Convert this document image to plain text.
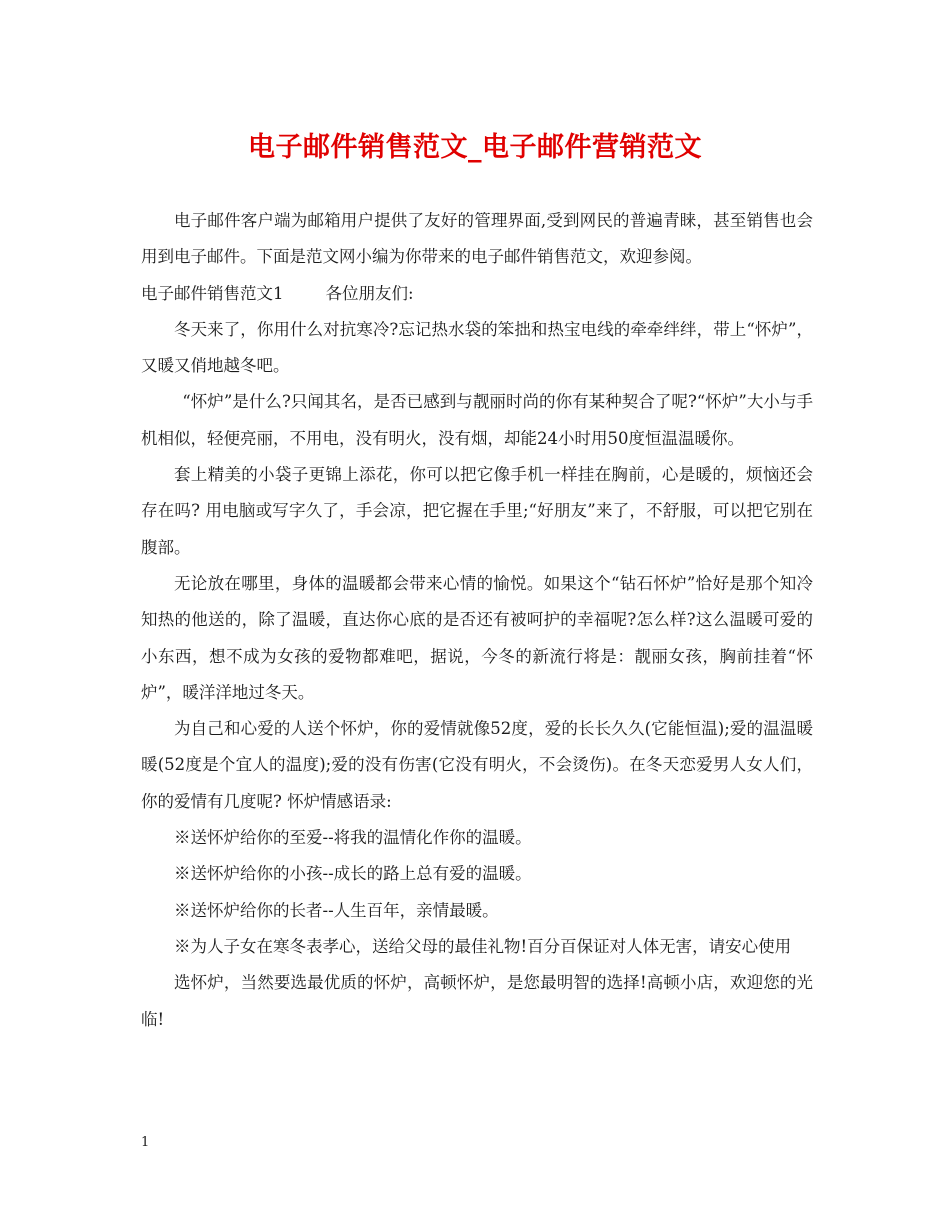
电子邮件销售范文_电子邮件营销范文

电子邮件客户端为邮箱用户提供了友好的管理界面,受到网民的普遍青睐，甚至销售也会用到电子邮件。下面是范文网小编为你带来的电子邮件销售范文，欢迎参阅。

电子邮件销售范文1	各位朋友们:

冬天来了，你用什么对抗寒冷?忘记热水袋的笨拙和热宝电线的牵牵绊绊，带上“怀炉”，又暖又俏地越冬吧。

“怀炉”是什么?只闻其名，是否已感到与靓丽时尚的你有某种契合了呢?“怀炉”大小与手机相似，轻便亮丽，不用电，没有明火，没有烟，却能24小时用50度恒温温暖你。

套上精美的小袋子更锦上添花，你可以把它像手机一样挂在胸前，心是暖的，烦恼还会存在吗? 用电脑或写字久了，手会凉，把它握在手里;“好朋友”来了，不舒服，可以把它别在腹部。

无论放在哪里，身体的温暖都会带来心情的愉悦。如果这个“钻石怀炉”恰好是那个知冷知热的他送的，除了温暖，直达你心底的是否还有被呵护的幸福呢?怎么样?这么温暖可爱的小东西，想不成为女孩的爱物都难吧，据说，今冬的新流行将是：靓丽女孩，胸前挂着“怀炉”，暖洋洋地过冬天。

为自己和心爱的人送个怀炉，你的爱情就像52度，爱的长长久久(它能恒温);爱的温温暖暖(52度是个宜人的温度);爱的没有伤害(它没有明火，不会烫伤)。在冬天恋爱男人女人们，你的爱情有几度呢? 怀炉情感语录:

※送怀炉给你的至爱--将我的温情化作你的温暖。

※送怀炉给你的小孩--成长的路上总有爱的温暖。

※送怀炉给你的长者--人生百年，亲情最暖。

※为人子女在寒冬表孝心，送给父母的最佳礼物!百分百保证对人体无害，请安心使用

选怀炉，当然要选最优质的怀炉，高顿怀炉，是您最明智的选择!高顿小店，欢迎您的光临!

1
